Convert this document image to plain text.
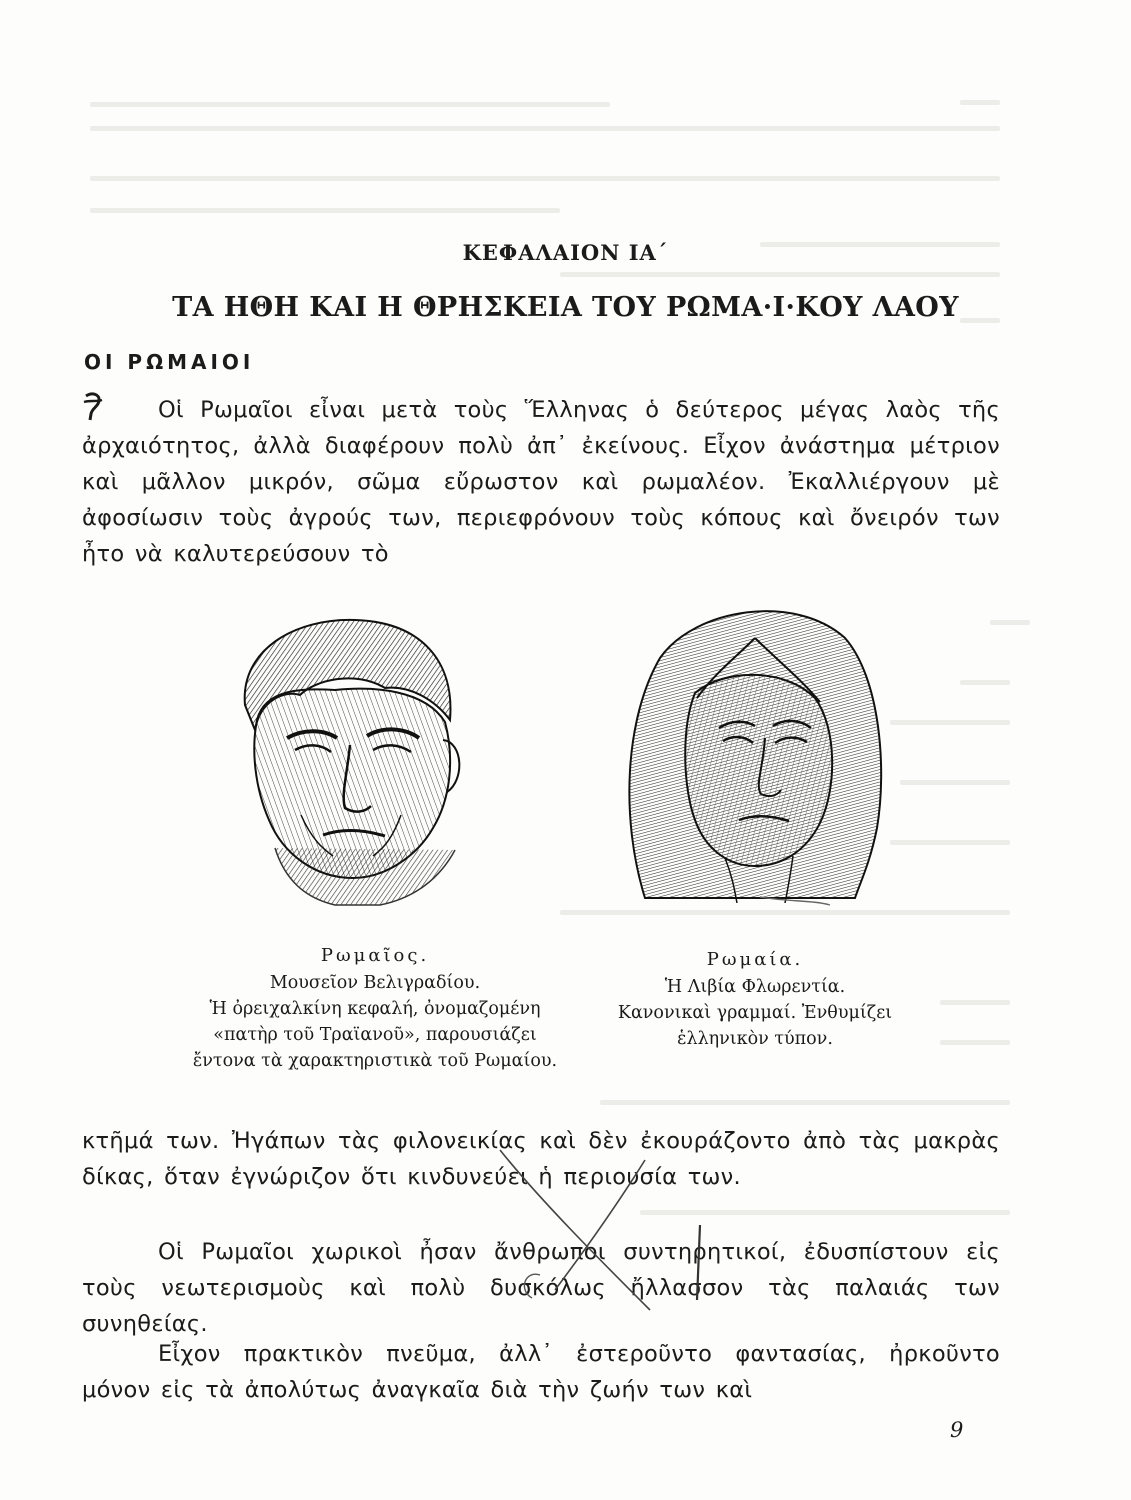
ΚΕΦΑΛΑΙΟΝ ΙΑ΄
ΤΑ ΗΘΗ ΚΑΙ Η ΘΡΗΣΚΕΙΑ ΤΟΥ ΡΩΜΑ·Ι·ΚΟΥ ΛΑΟΥ
ΟΙ ΡΩΜΑΙΟΙ

Οἱ Ρωμαῖοι εἶναι μετὰ τοὺς Ἕλληνας ὁ δεύτερος μέγας λαὸς τῆς ἀρχαιότητος, ἀλλὰ διαφέρουν πολὺ ἀπ᾽ ἐκείνους. Εἶχον ἀνάστημα μέτριον καὶ μᾶλλον μικρόν, σῶμα εὔρωστον καὶ ρωμαλέον. Ἐκαλλιέργουν μὲ ἀφοσίωσιν τοὺς ἀγρούς των, περιεφρόνουν τοὺς κόπους καὶ ὄνειρόν των ἦτο νὰ καλυτερεύσουν τὸ

Ρωμαῖος.
Μουσεῖον Βελιγραδίου.
Ἡ ὀρειχαλκίνη κεφαλή, ὀνομαζομένη
«πατὴρ τοῦ Τραϊανοῦ», παρουσιάζει
ἔντονα τὰ χαρακτηριστικὰ τοῦ Ρωμαίου.
Ρωμαία.
Ἡ Λιβία Φλωρεντία.
Κανονικαὶ γραμμαί. Ἐνθυμίζει
ἑλληνικὸν τύπον.

κτῆμά των. Ἠγάπων τὰς φιλονεικίας καὶ δὲν ἐκουράζοντο ἀπὸ τὰς μακρὰς δίκας, ὅταν ἐγνώριζον ὅτι κινδυνεύει ἡ περιουσία των.

Οἱ Ρωμαῖοι χωρικοὶ ἦσαν ἄνθρωποι συντηρητικοί, ἐδυσπίστουν εἰς τοὺς νεωτερισμοὺς καὶ πολὺ δυσκόλως ἤλλασσον τὰς παλαιάς των συνηθείας.

Εἶχον πρακτικὸν πνεῦμα, ἀλλ᾽ ἐστεροῦντο φαντασίας, ἠρκοῦντο μόνον εἰς τὰ ἀπολύτως ἀναγκαῖα διὰ τὴν ζωήν των καὶ

9
